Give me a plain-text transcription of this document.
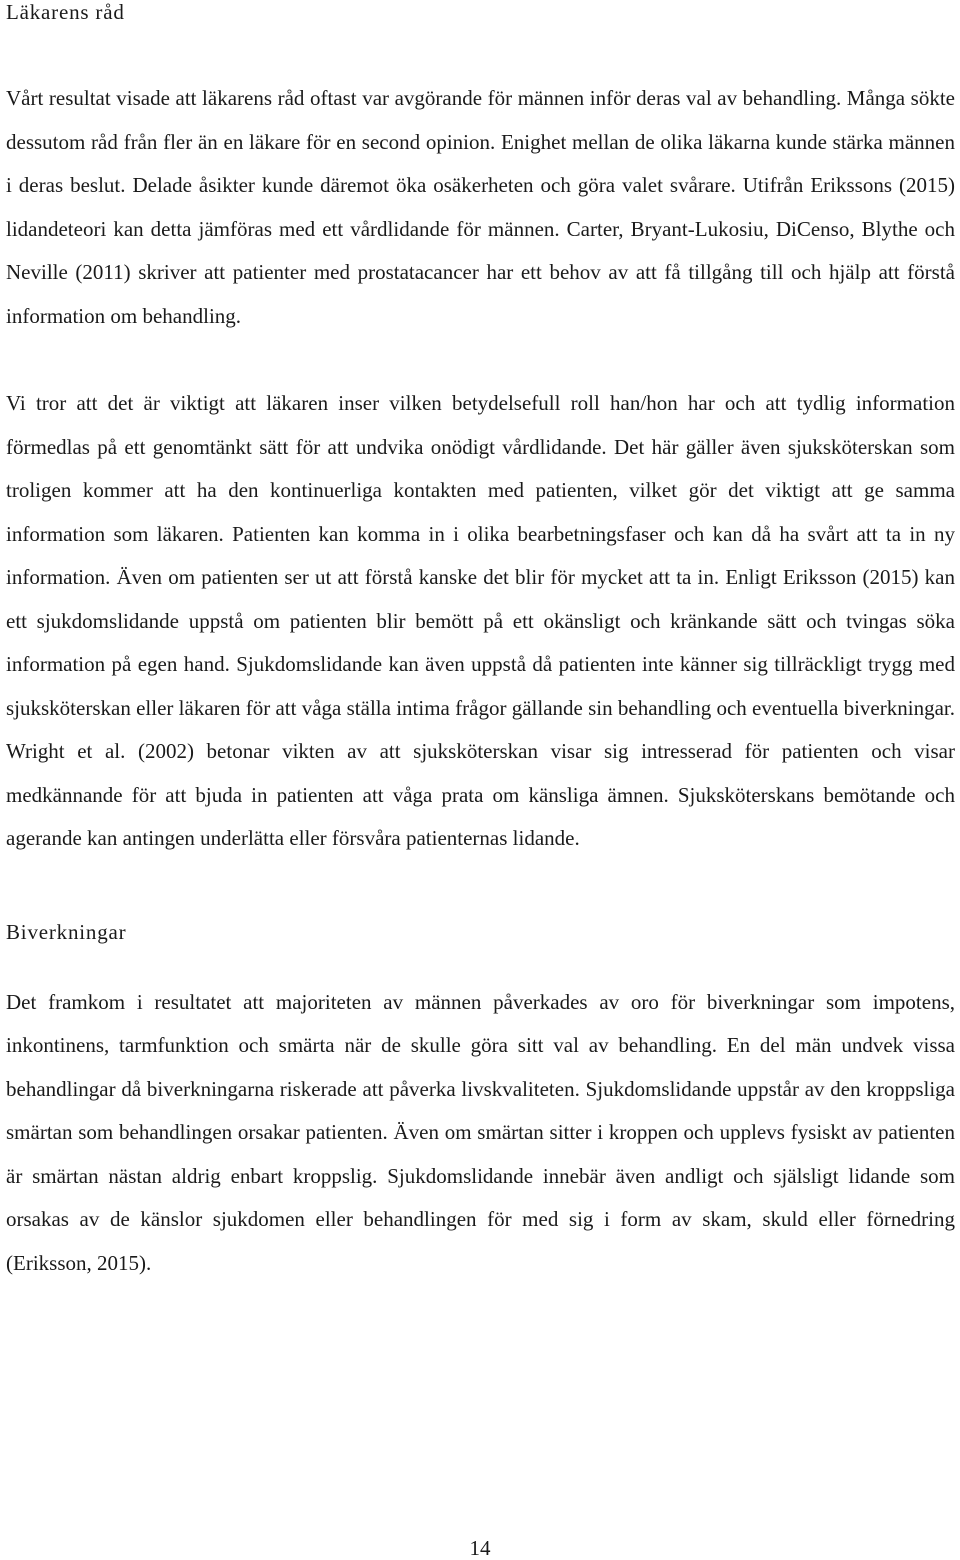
Läkarens råd

Vårt resultat visade att läkarens råd oftast var avgörande för männen inför deras val av behandling. Många sökte dessutom råd från fler än en läkare för en second opinion. Enighet mellan de olika läkarna kunde stärka männen i deras beslut. Delade åsikter kunde däremot öka osäkerheten och göra valet svårare. Utifrån Erikssons (2015) lidandeteori kan detta jämföras med ett vårdlidande för männen. Carter, Bryant-Lukosiu, DiCenso, Blythe och Neville (2011) skriver att patienter med prostatacancer har ett behov av att få tillgång till och hjälp att förstå information om behandling.

Vi tror att det är viktigt att läkaren inser vilken betydelsefull roll han/hon har och att tydlig information förmedlas på ett genomtänkt sätt för att undvika onödigt vårdlidande. Det här gäller även sjuksköterskan som troligen kommer att ha den kontinuerliga kontakten med patienten, vilket gör det viktigt att ge samma information som läkaren. Patienten kan komma in i olika bearbetningsfaser och kan då ha svårt att ta in ny information. Även om patienten ser ut att förstå kanske det blir för mycket att ta in. Enligt Eriksson (2015) kan ett sjukdomslidande uppstå om patienten blir bemött på ett okänsligt och kränkande sätt och tvingas söka information på egen hand. Sjukdomslidande kan även uppstå då patienten inte känner sig tillräckligt trygg med sjuksköterskan eller läkaren för att våga ställa intima frågor gällande sin behandling och eventuella biverkningar. Wright et al. (2002) betonar vikten av att sjuksköterskan visar sig intresserad för patienten och visar medkännande för att bjuda in patienten att våga prata om känsliga ämnen. Sjuksköterskans bemötande och agerande kan antingen underlätta eller försvåra patienternas lidande.

Biverkningar

Det framkom i resultatet att majoriteten av männen påverkades av oro för biverkningar som impotens, inkontinens, tarmfunktion och smärta när de skulle göra sitt val av behandling. En del män undvek vissa behandlingar då biverkningarna riskerade att påverka livskvaliteten. Sjukdomslidande uppstår av den kroppsliga smärtan som behandlingen orsakar patienten. Även om smärtan sitter i kroppen och upplevs fysiskt av patienten är smärtan nästan aldrig enbart kroppslig. Sjukdomslidande innebär även andligt och själsligt lidande som orsakas av de känslor sjukdomen eller behandlingen för med sig i form av skam, skuld eller förnedring (Eriksson, 2015).

14
